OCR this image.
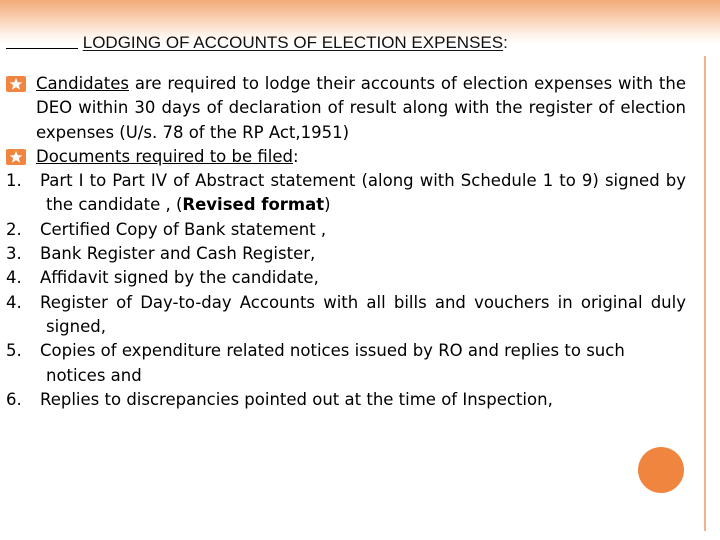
LODGING OF ACCOUNTS OF ELECTION EXPENSES:
Candidates are required to lodge their accounts of election expenses with the DEO within 30 days of declaration of result along with the register of election expenses (U/s. 78 of the RP Act,1951)
Documents required to be filed:
1. Part I to Part IV of Abstract statement (along with Schedule 1 to 9) signed by the candidate , (Revised format)
2. Certified Copy of Bank statement ,
3. Bank Register and Cash Register,
4. Affidavit signed by the candidate,
4. Register of Day-to-day Accounts with all bills and vouchers in original duly signed,
5. Copies of expenditure related notices issued by RO and replies to such notices and
6. Replies to discrepancies pointed out at the time of Inspection,
